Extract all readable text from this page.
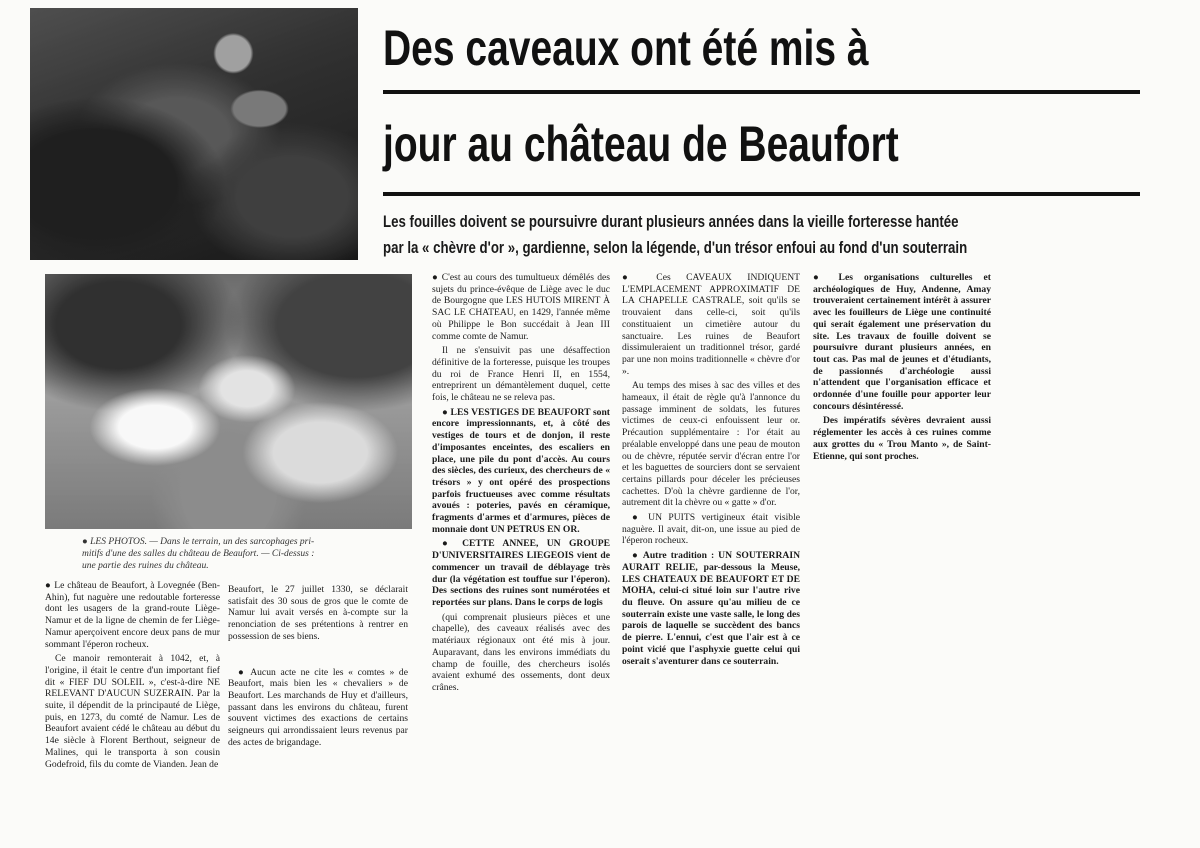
Des caveaux ont été mis à
jour au château de Beaufort
Les fouilles doivent se poursuivre durant plusieurs années dans la vieille forteresse hantée
par la « chèvre d'or », gardienne, selon la légende, d'un trésor enfoui au fond d'un souterrain
● LES PHOTOS. — Dans le terrain, un des sarcophages pri-
mitifs d'une des salles du château de Beaufort. — Ci-dessus :
une partie des ruines du château.

● Le château de Beaufort, à Lovegnée (Ben-Ahin), fut naguère une redoutable forteresse dont les usagers de la grand-route Liège-Namur et de la ligne de chemin de fer Liège-Namur aperçoivent encore deux pans de mur sommant l'éperon rocheux.

Ce manoir remonterait à 1042, et, à l'origine, il était le centre d'un important fief dit « FIEF DU SOLEIL », c'est-à-dire NE RELEVANT D'AUCUN SUZERAIN. Par la suite, il dépendit de la principauté de Liège, puis, en 1273, du comté de Namur. Les de Beaufort avaient cédé le château au début du 14e siècle à Florent Berthout, seigneur de Malines, qui le transporta à son cousin Godefroid, fils du comte de Vianden. Jean de

Beaufort, le 27 juillet 1330, se déclarait satisfait des 30 sous de gros que le comte de Namur lui avait versés en à-compte sur la renonciation de ses prétentions à rentrer en possession de ses biens.

● Aucun acte ne cite les « comtes » de Beaufort, mais bien les « chevaliers » de Beaufort. Les marchands de Huy et d'ailleurs, passant dans les environs du château, furent souvent victimes des exactions de certains seigneurs qui arrondissaient leurs revenus par des actes de brigandage.

● C'est au cours des tumultueux démêlés des sujets du prince-évêque de Liège avec le duc de Bourgogne que LES HUTOIS MIRENT À SAC LE CHATEAU, en 1429, l'année même où Philippe le Bon succédait à Jean III comme comte de Namur.

Il ne s'ensuivit pas une désaffection définitive de la forteresse, puisque les troupes du roi de France Henri II, en 1554, entreprirent un démantèlement duquel, cette fois, le château ne se releva pas.

● LES VESTIGES DE BEAUFORT sont encore impressionnants, et, à côté des vestiges de tours et de donjon, il reste d'imposantes enceintes, des escaliers en place, une pile du pont d'accès. Au cours des siècles, des curieux, des chercheurs de « trésors » y ont opéré des prospections parfois fructueuses avec comme résultats avoués : poteries, pavés en céramique, fragments d'armes et d'armures, pièces de monnaie dont UN PETRUS EN OR.

● CETTE ANNEE, UN GROUPE D'UNIVERSITAIRES LIEGEOIS vient de commencer un travail de déblayage très dur (la végétation est touffue sur l'éperon). Des sections des ruines sont numérotées et reportées sur plans. Dans le corps de logis

(qui comprenait plusieurs pièces et une chapelle), des caveaux réalisés avec des matériaux régionaux ont été mis à jour. Auparavant, dans les environs immédiats du champ de fouille, des chercheurs isolés avaient exhumé des ossements, dont deux crânes.

● Ces CAVEAUX INDIQUENT L'EMPLACEMENT APPROXIMATIF DE LA CHAPELLE CASTRALE, soit qu'ils se trouvaient dans celle-ci, soit qu'ils constituaient un cimetière autour du sanctuaire. Les ruines de Beaufort dissimuleraient un traditionnel trésor, gardé par une non moins traditionnelle « chèvre d'or ».

Au temps des mises à sac des villes et des hameaux, il était de règle qu'à l'annonce du passage imminent de soldats, les futures victimes de ceux-ci enfouissent leur or. Précaution supplémentaire : l'or était au préalable enveloppé dans une peau de mouton ou de chèvre, réputée servir d'écran entre l'or et les baguettes de sourciers dont se servaient certains pillards pour déceler les précieuses cachettes. D'où la chèvre gardienne de l'or, autrement dit la chèvre ou « gatte » d'or.

● UN PUITS vertigineux était visible naguère. Il avait, dit-on, une issue au pied de l'éperon rocheux.

● Autre tradition : UN SOUTERRAIN AURAIT RELIE, par-dessous la Meuse, LES CHATEAUX DE BEAUFORT ET DE MOHA, celui-ci situé loin sur l'autre rive du fleuve. On assure qu'au milieu de ce souterrain existe une vaste salle, le long des parois de laquelle se succèdent des bancs de pierre. L'ennui, c'est que l'air est à ce point vicié que l'asphyxie guette celui qui oserait s'aventurer dans ce souterrain.

● Les organisations culturelles et archéologiques de Huy, Andenne, Amay trouveraient certainement intérêt à assurer avec les fouilleurs de Liège une continuité qui serait également une préservation du site. Les travaux de fouille doivent se poursuivre durant plusieurs années, en tout cas. Pas mal de jeunes et d'étudiants, de passionnés d'archéologie aussi n'attendent que l'organisation efficace et ordonnée d'une fouille pour apporter leur concours désintéressé.

Des impératifs sévères devraient aussi réglementer les accès à ces ruines comme aux grottes du « Trou Manto », de Saint-Etienne, qui sont proches.
